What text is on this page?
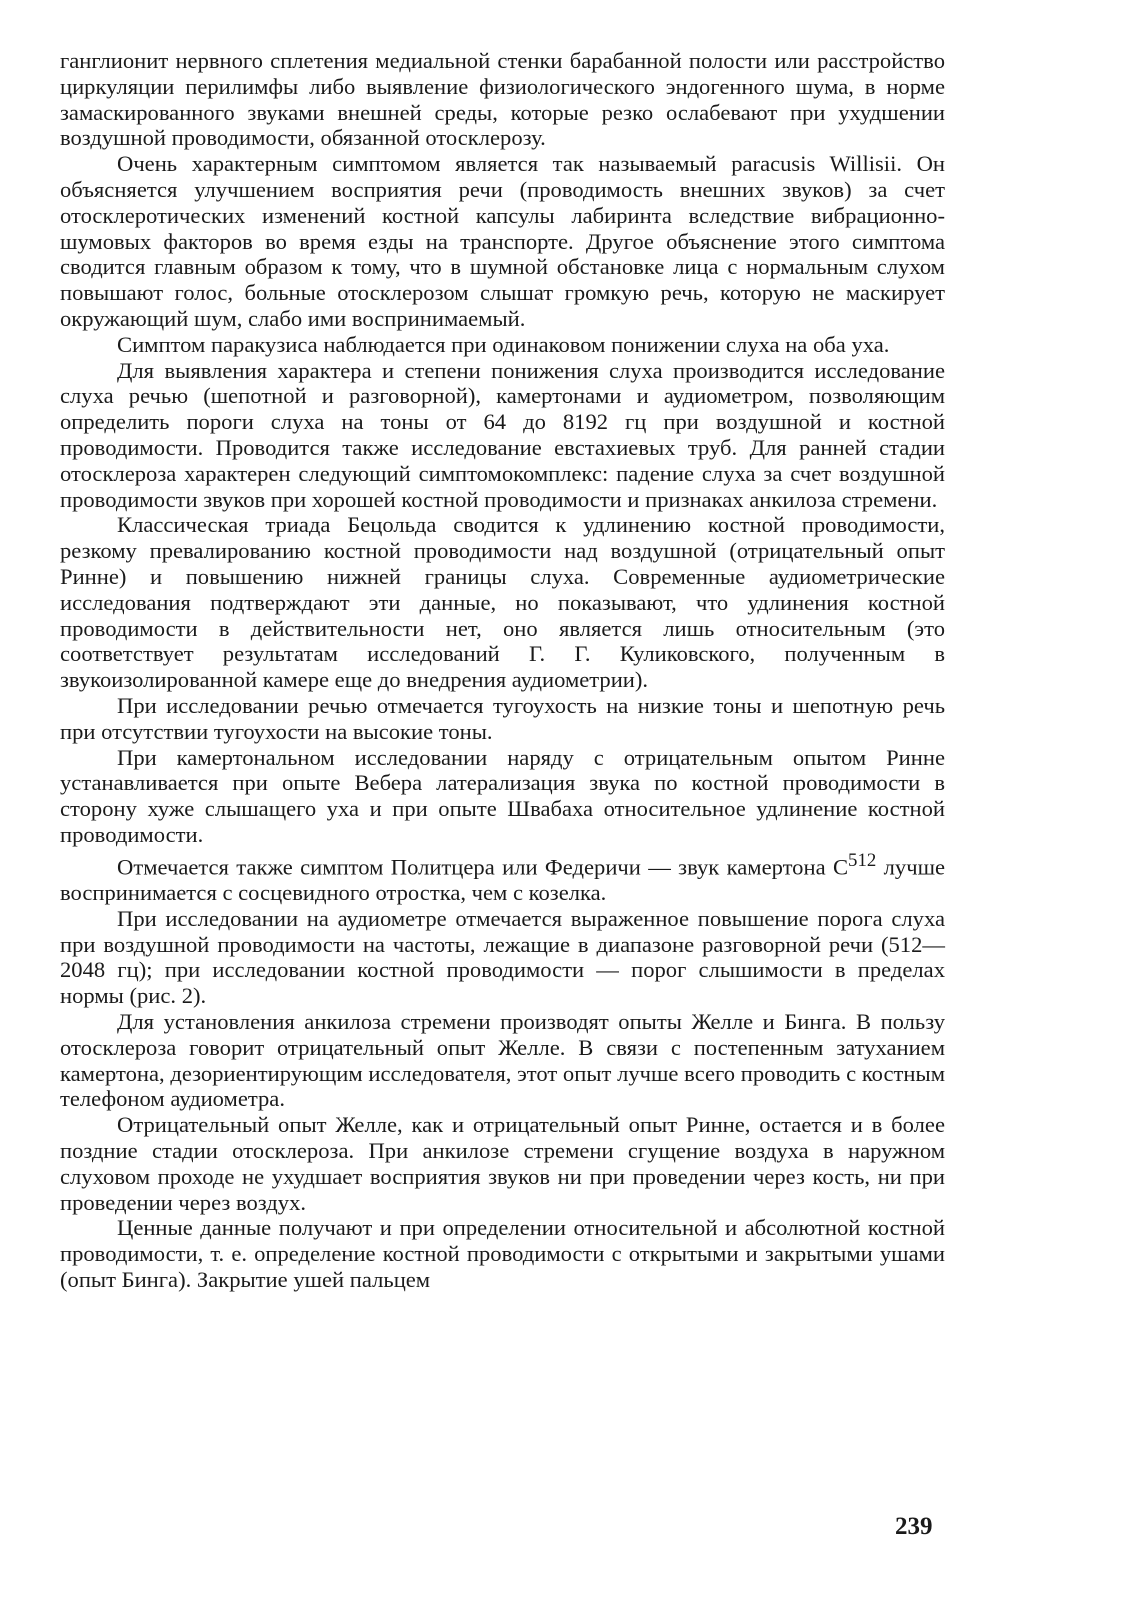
ганглионит нервного сплетения медиальной стенки барабанной полости или расстройство циркуляции перилимфы либо выявление физиологического эндогенного шума, в норме замаскированного звуками внешней среды, которые резко ослабевают при ухудшении воздушной проводимости, обязанной отосклерозу.

Очень характерным симптомом является так называемый paracusis Willisii. Он объясняется улучшением восприятия речи (проводимость внешних звуков) за счет отосклеротических изменений костной капсулы лабиринта вследствие вибрационно-шумовых факторов во время езды на транспорте. Другое объяснение этого симптома сводится главным образом к тому, что в шумной обстановке лица с нормальным слухом повышают голос, больные отосклерозом слышат громкую речь, которую не маскирует окружающий шум, слабо ими воспринимаемый.

Симптом паракузиса наблюдается при одинаковом понижении слуха на оба уха.

Для выявления характера и степени понижения слуха производится исследование слуха речью (шепотной и разговорной), камертонами и аудиометром, позволяющим определить пороги слуха на тоны от 64 до 8192 гц при воздушной и костной проводимости. Проводится также исследование евстахиевых труб. Для ранней стадии отосклероза характерен следующий симптомокомплекс: падение слуха за счет воздушной проводимости звуков при хорошей костной проводимости и признаках анкилоза стремени.

Классическая триада Бецольда сводится к удлинению костной проводимости, резкому превалированию костной проводимости над воздушной (отрицательный опыт Ринне) и повышению нижней границы слуха. Современные аудиометрические исследования подтверждают эти данные, но показывают, что удлинения костной проводимости в действительности нет, оно является лишь относительным (это соответствует результатам исследований Г. Г. Куликовского, полученным в звукоизолированной камере еще до внедрения аудиометрии).

При исследовании речью отмечается тугоухость на низкие тоны и шепотную речь при отсутствии тугоухости на высокие тоны.

При камертональном исследовании наряду с отрицательным опытом Ринне устанавливается при опыте Вебера латерализация звука по костной проводимости в сторону хуже слышащего уха и при опыте Швабаха относительное удлинение костной проводимости.

Отмечается также симптом Политцера или Федеричи — звук камертона $C^{512}$ лучше воспринимается с сосцевидного отростка, чем с козелка.

При исследовании на аудиометре отмечается выраженное повышение порога слуха при воздушной проводимости на частоты, лежащие в диапазоне разговорной речи (512—2048 гц); при исследовании костной проводимости — порог слышимости в пределах нормы (рис. 2).

Для установления анкилоза стремени производят опыты Желле и Бинга. В пользу отосклероза говорит отрицательный опыт Желле. В связи с постепенным затуханием камертона, дезориентирующим исследователя, этот опыт лучше всего проводить с костным телефоном аудиометра.

Отрицательный опыт Желле, как и отрицательный опыт Ринне, остается и в более поздние стадии отосклероза. При анкилозе стремени сгущение воздуха в наружном слуховом проходе не ухудшает восприятия звуков ни при проведении через кость, ни при проведении через воздух.

Ценные данные получают и при определении относительной и абсолютной костной проводимости, т. е. определение костной проводимости с открытыми и закрытыми ушами (опыт Бинга). Закрытие ушей пальцем

239
